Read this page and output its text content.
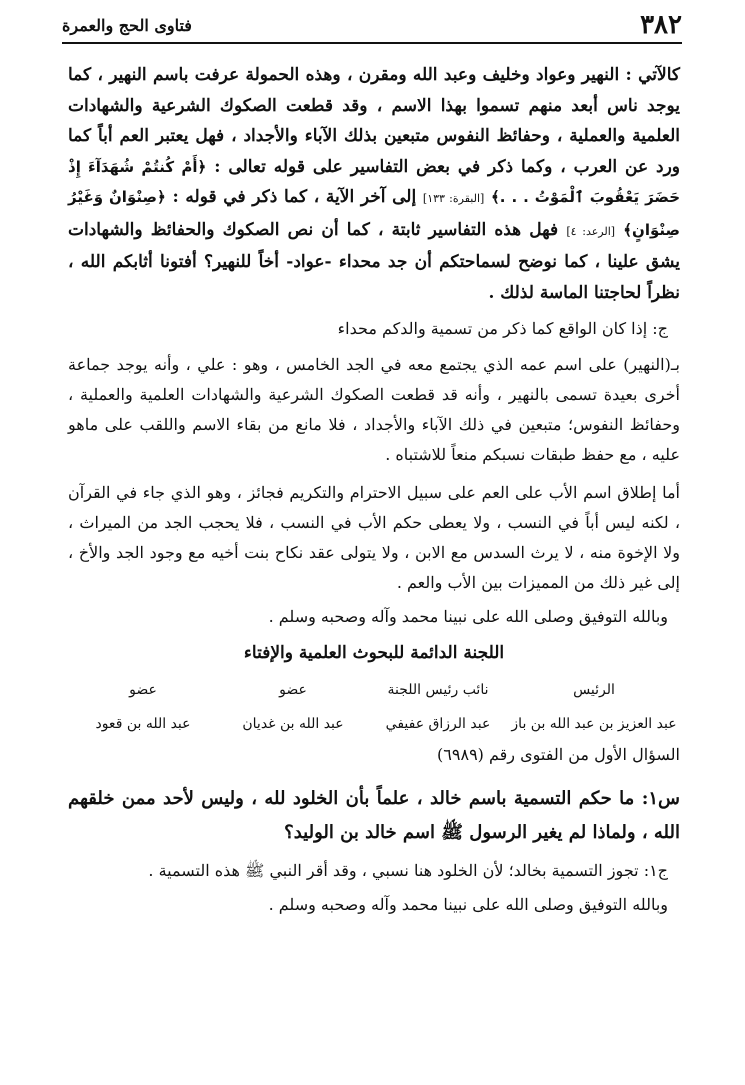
٣٨٢
فتاوى الحج والعمرة

كالآتي : النهير وعواد وخليف وعبد الله ومقرن ، وهذه الحمولة عرفت باسم النهير ، كما يوجد ناس أبعد منهم تسموا بهذا الاسم ، وقد قطعت الصكوك الشرعية والشهادات العلمية والعملية ، وحفائظ النفوس متبعين بذلك الآباء والأجداد ، فهل يعتبر العم أباً كما ورد عن العرب ، وكما ذكر في بعض التفاسير على قوله تعالى : ﴿أَمْ كُنتُمْ شُهَدَآءَ إِذْ حَضَرَ يَعْقُوبَ ٱلْمَوْتُ . . .﴾ [البقرة: ١٣٣] إلى آخر الآية ، كما ذكر في قوله : ﴿صِنْوَانٌ وَغَيْرُ صِنْوَانٍ﴾ [الرعد: ٤] فهل هذه التفاسير ثابتة ، كما أن نص الصكوك والحفائظ والشهادات يشق علينا ، كما نوضح لسماحتكم أن جد محداء -عواد- أخاً للنهير؟ أفتونا أثابكم الله ، نظراً لحاجتنا الماسة لذلك .

ج: إذا كان الواقع كما ذكر من تسمية والدكم محداء

بـ(النهير) على اسم عمه الذي يجتمع معه في الجد الخامس ، وهو : علي ، وأنه يوجد جماعة أخرى بعيدة تسمى بالنهير ، وأنه قد قطعت الصكوك الشرعية والشهادات العلمية والعملية ، وحفائظ النفوس؛ متبعين في ذلك الآباء والأجداد ، فلا مانع من بقاء الاسم واللقب على ماهو عليه ، مع حفظ طبقات نسبكم منعاً للاشتباه .

أما إطلاق اسم الأب على العم على سبيل الاحترام والتكريم فجائز ، وهو الذي جاء في القرآن ، لكنه ليس أباً في النسب ، ولا يعطى حكم الأب في النسب ، فلا يحجب الجد من الميراث ، ولا الإخوة منه ، لا يرث السدس مع الابن ، ولا يتولى عقد نكاح بنت أخيه مع وجود الجد والأخ ، إلى غير ذلك من المميزات بين الأب والعم .

وبالله التوفيق وصلى الله على نبينا محمد وآله وصحبه وسلم .

اللجنة الدائمة للبحوث العلمية والإفتاء
الرئيس
نائب رئيس اللجنة
عضو
عضو
عبد العزيز بن عبد الله بن باز
عبد الرزاق عفيفي
عبد الله بن غديان
عبد الله بن قعود

السؤال الأول من الفتوى رقم (٦٩٨٩)

س١: ما حكم التسمية باسم خالد ، علماً بأن الخلود لله ، وليس لأحد ممن خلقهم الله ، ولماذا لم يغير الرسول ﷺ اسم خالد بن الوليد؟

ج١: تجوز التسمية بخالد؛ لأن الخلود هنا نسبي ، وقد أقر النبي ﷺ هذه التسمية .

وبالله التوفيق وصلى الله على نبينا محمد وآله وصحبه وسلم .
